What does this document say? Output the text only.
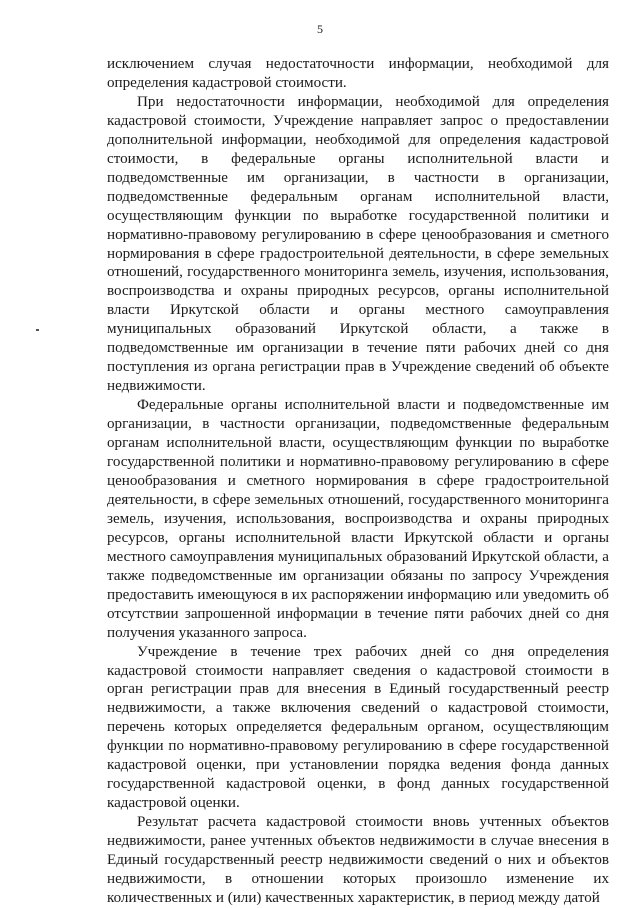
5

исключением случая недостаточности информации, необходимой для определения кадастровой стоимости.

При недостаточности информации, необходимой для определения кадастровой стоимости, Учреждение направляет запрос о предоставлении дополнительной информации, необходимой для определения кадастровой стоимости, в федеральные органы исполнительной власти и подведомственные им организации, в частности в организации, подведомственные федеральным органам исполнительной власти, осуществляющим функции по выработке государственной политики и нормативно-правовому регулированию в сфере ценообразования и сметного нормирования в сфере градостроительной деятельности, в сфере земельных отношений, государственного мониторинга земель, изучения, использования, воспроизводства и охраны природных ресурсов, органы исполнительной власти Иркутской области и органы местного самоуправления муниципальных образований Иркутской области, а также в подведомственные им организации в течение пяти рабочих дней со дня поступления из органа регистрации прав в Учреждение сведений об объекте недвижимости.

Федеральные органы исполнительной власти и подведомственные им организации, в частности организации, подведомственные федеральным органам исполнительной власти, осуществляющим функции по выработке государственной политики и нормативно-правовому регулированию в сфере ценообразования и сметного нормирования в сфере градостроительной деятельности, в сфере земельных отношений, государственного мониторинга земель, изучения, использования, воспроизводства и охраны природных ресурсов, органы исполнительной власти Иркутской области и органы местного самоуправления муниципальных образований Иркутской области, а также подведомственные им организации обязаны по запросу Учреждения предоставить имеющуюся в их распоряжении информацию или уведомить об отсутствии запрошенной информации в течение пяти рабочих дней со дня получения указанного запроса.

Учреждение в течение трех рабочих дней со дня определения кадастровой стоимости направляет сведения о кадастровой стоимости в орган регистрации прав для внесения в Единый государственный реестр недвижимости, а также включения сведений о кадастровой стоимости, перечень которых определяется федеральным органом, осуществляющим функции по нормативно-правовому регулированию в сфере государственной кадастровой оценки, при установлении порядка ведения фонда данных государственной кадастровой оценки, в фонд данных государственной кадастровой оценки.

Результат расчета кадастровой стоимости вновь учтенных объектов недвижимости, ранее учтенных объектов недвижимости в случае внесения в Единый государственный реестр недвижимости сведений о них и объектов недвижимости, в отношении которых произошло изменение их количественных и (или) качественных характеристик, в период между датой
